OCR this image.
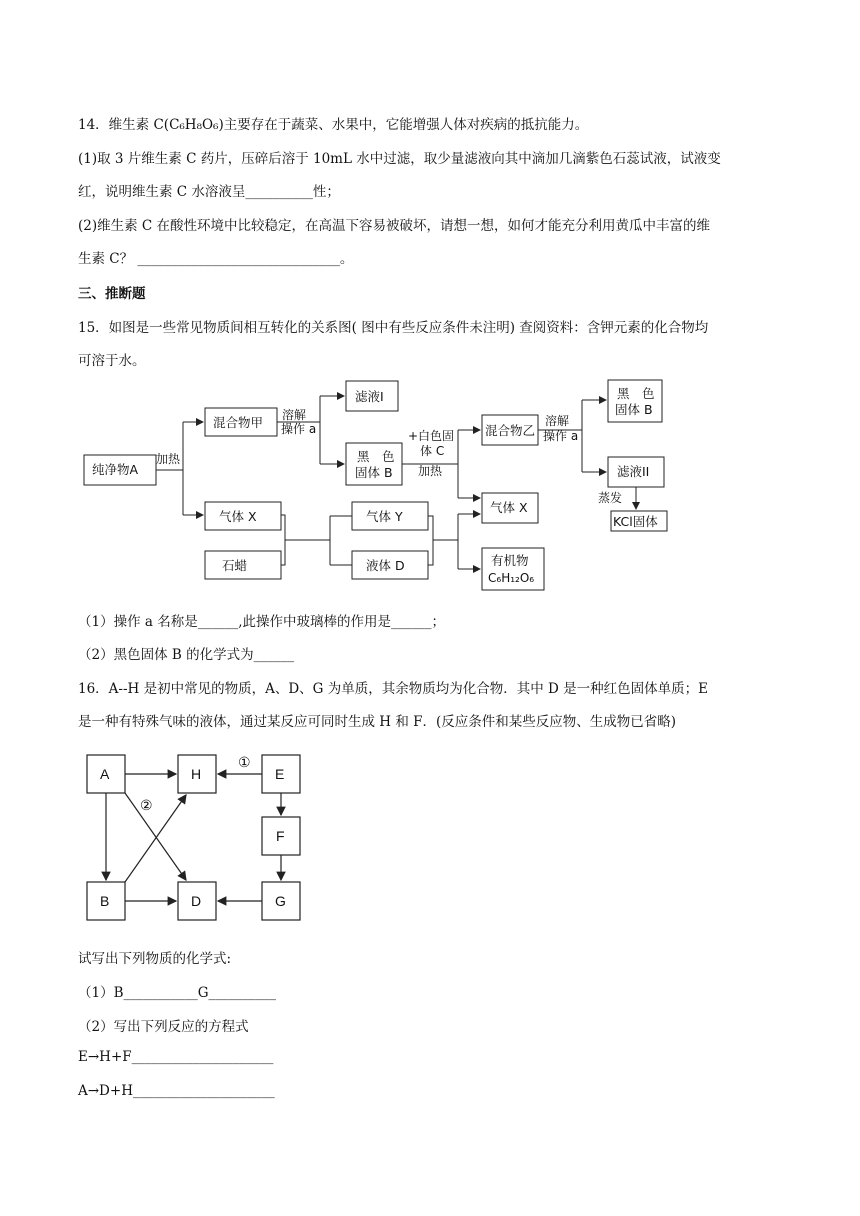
14．维生素 C(C₆H₈O₆)主要存在于蔬菜、水果中，它能增强人体对疾病的抵抗能力。
(1)取 3 片维生素 C 药片，压碎后溶于 10mL 水中过滤，取少量滤液向其中滴加几滴紫色石蕊试液，试液变
红，说明维生素 C 水溶液呈__________性；
(2)维生素 C 在酸性环境中比较稳定，在高温下容易被破坏，请想一想，如何才能充分利用黄瓜中丰富的维
生素 C？ ______________________________。
三、推断题
15．如图是一些常见物质间相互转化的关系图( 图中有些反应条件未注明) 查阅资料：含钾元素的化合物均
可溶于水。
纯净物A
加热
混合物甲 溶解
操作 a
滤液I
黑　色
固体 B
+白色固
体 C
加热
混合物乙
溶解
操作 a
黑　色
固体 B
滤液II
蒸发
KCl固体
气体 X
石蜡
气体 Y
液体 D
气体 X
有机物
C₆H₁₂O₆
（1）操作 a 名称是______,此操作中玻璃棒的作用是______；
（2）黑色固体 B 的化学式为______
16．A--H 是初中常见的物质，A、D、G 为单质，其余物质均为化合物．其中 D 是一种红色固体单质；E
是一种有特殊气味的液体，通过某反应可同时生成 H 和 F．(反应条件和某些反应物、生成物已省略)
A	H	E
F
B	D	G
①
②
试写出下列物质的化学式:
（1）B___________G__________
（2）写出下列反应的方程式
E→H+F_____________________
A→D+H_____________________
